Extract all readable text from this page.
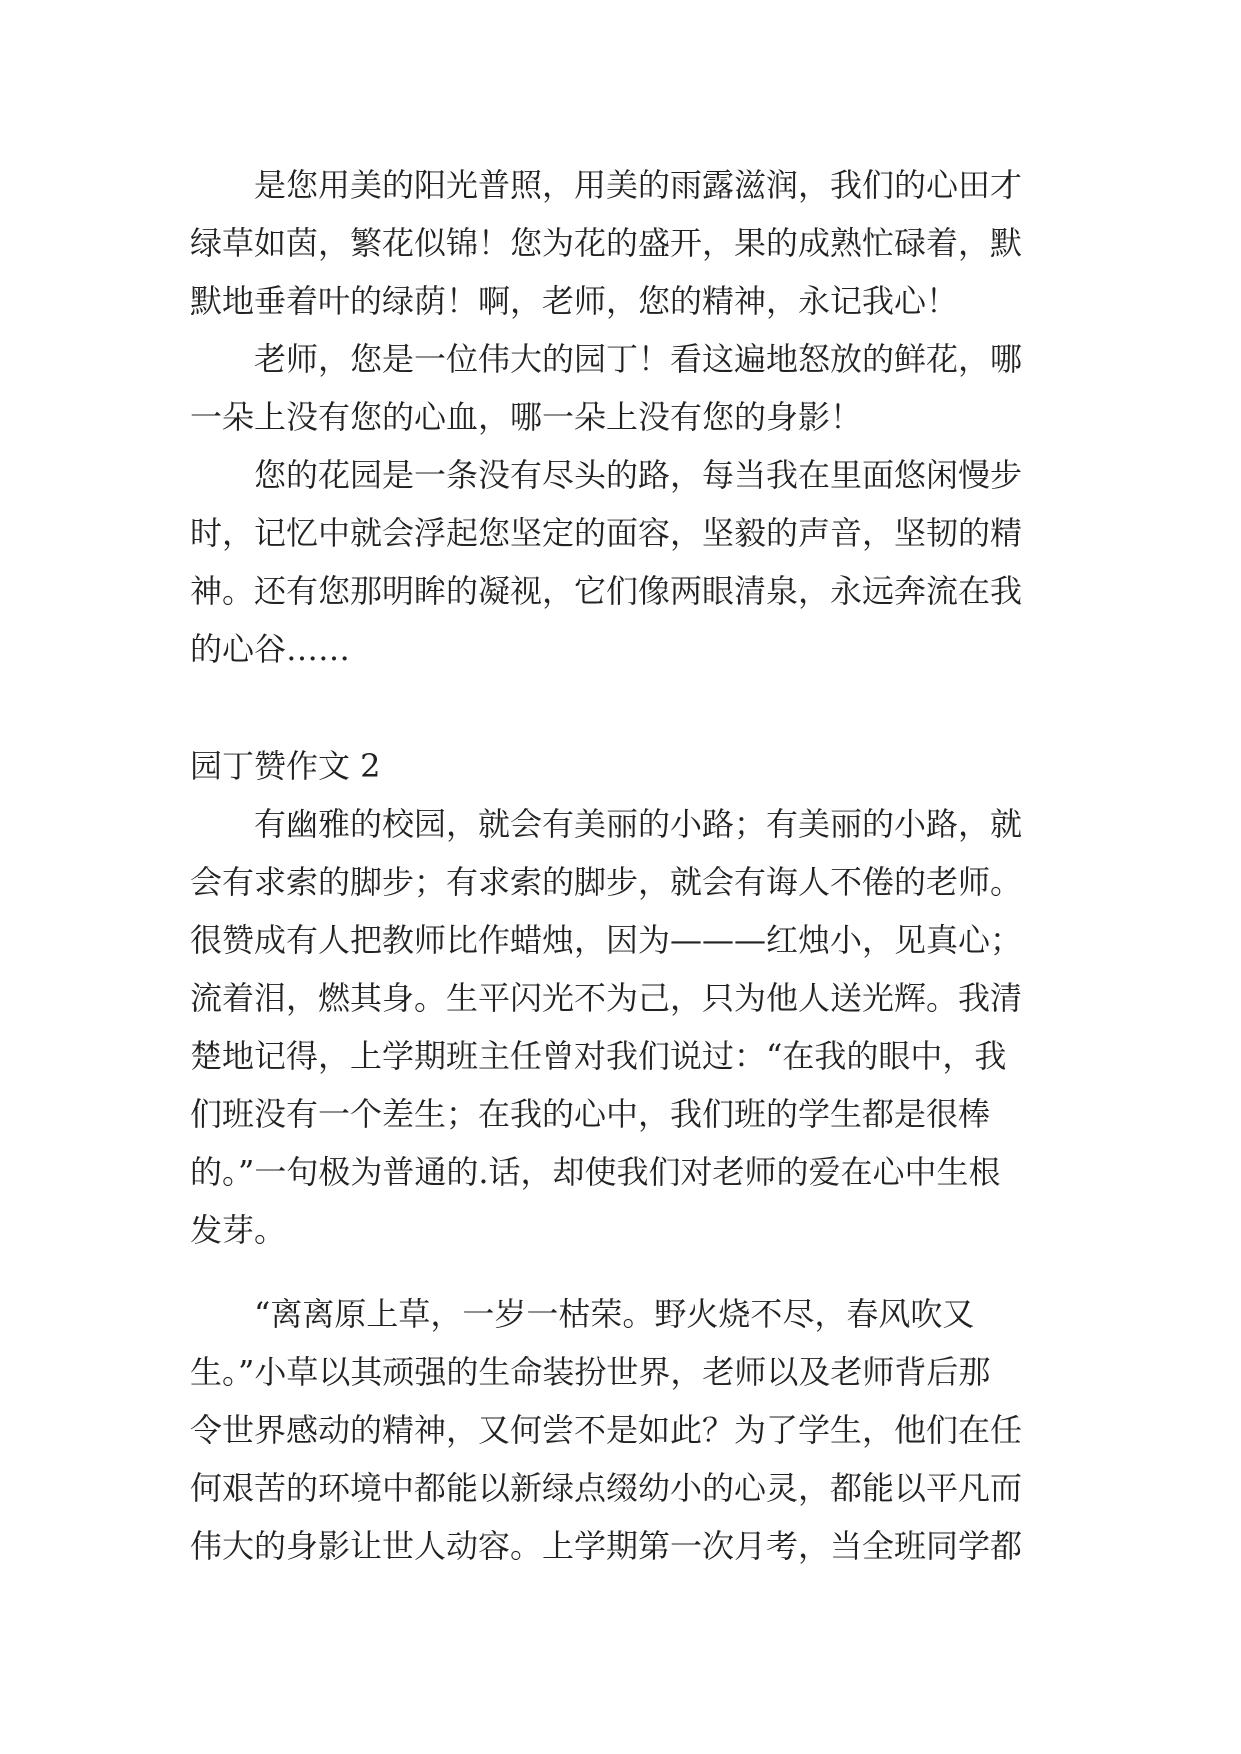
是您用美的阳光普照，用美的雨露滋润，我们的心田才
绿草如茵，繁花似锦！您为花的盛开，果的成熟忙碌着，默
默地垂着叶的绿荫！啊，老师，您的精神，永记我心！
老师，您是一位伟大的园丁！看这遍地怒放的鲜花，哪
一朵上没有您的心血，哪一朵上没有您的身影！
您的花园是一条没有尽头的路，每当我在里面悠闲慢步
时，记忆中就会浮起您坚定的面容，坚毅的声音，坚韧的精
神。还有您那明眸的凝视，它们像两眼清泉，永远奔流在我
的心谷……
园丁赞作文 2
有幽雅的校园，就会有美丽的小路；有美丽的小路，就
会有求索的脚步；有求索的脚步，就会有诲人不倦的老师。
很赞成有人把教师比作蜡烛，因为———红烛小，见真心；
流着泪，燃其身。生平闪光不为己，只为他人送光辉。我清
楚地记得，上学期班主任曾对我们说过：“在我的眼中，我
们班没有一个差生；在我的心中，我们班的学生都是很棒
的。”一句极为普通的.话，却使我们对老师的爱在心中生根
发芽。
“离离原上草，一岁一枯荣。野火烧不尽，春风吹又
生。”小草以其顽强的生命装扮世界，老师以及老师背后那
令世界感动的精神，又何尝不是如此？为了学生，他们在任
何艰苦的环境中都能以新绿点缀幼小的心灵，都能以平凡而
伟大的身影让世人动容。上学期第一次月考，当全班同学都
